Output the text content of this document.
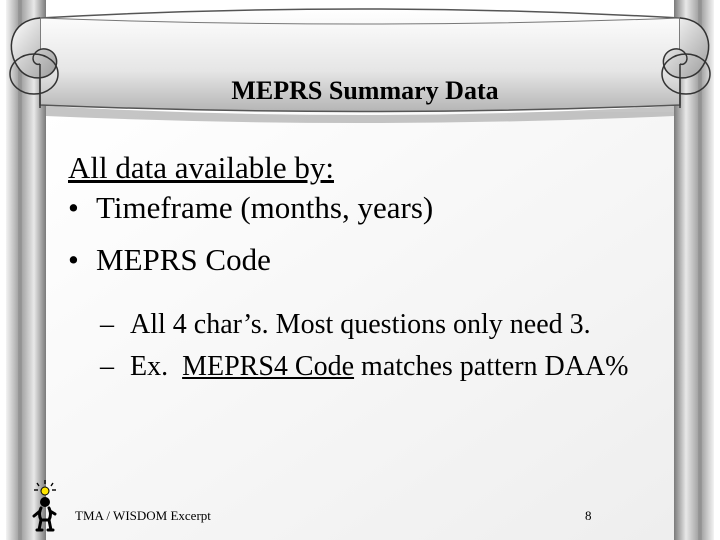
MEPRS Summary Data

All data available by:

• Timeframe (months, years)
• MEPRS Code
– All 4 char’s. Most questions only need 3.
– Ex.  MEPRS4 Code matches pattern DAA%
TMA / WISDOM Excerpt	8
